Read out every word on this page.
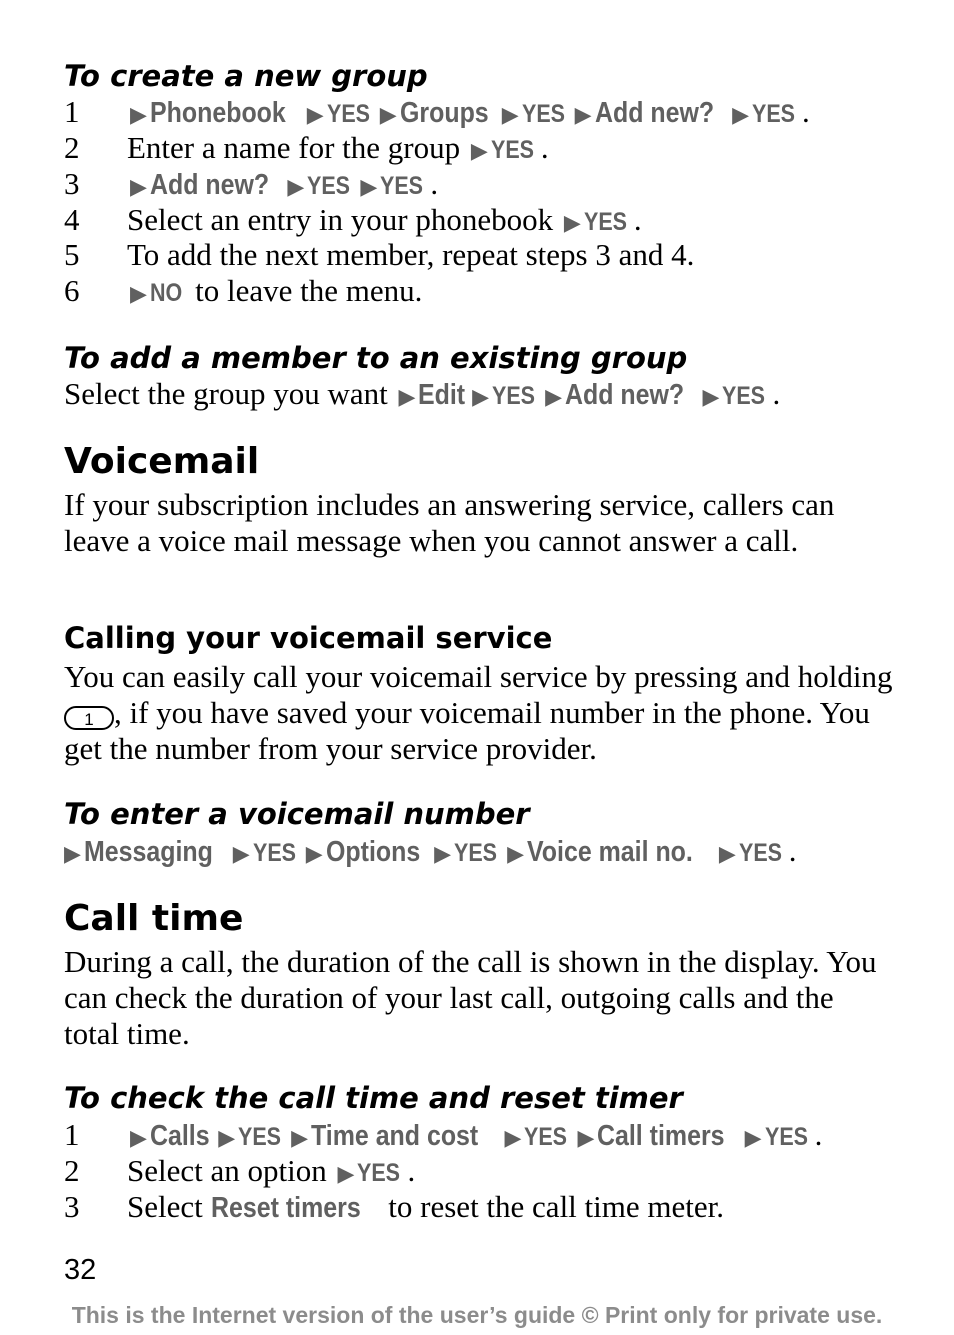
To create a new group
1 ▶ Phonebook ▶ YES ▶ Groups ▶ YES ▶ Add new? ▶ YES .
2 Enter a name for the group ▶ YES .
3 ▶ Add new? ▶ YES ▶ YES .
4 Select an entry in your phonebook ▶ YES .
5 To add the next member, repeat steps 3 and 4.
6 ▶ NO to leave the menu.
To add a member to an existing group
Select the group you want ▶ Edit ▶ YES ▶ Add new? ▶ YES .
Voicemail

If your subscription includes an answering service, callers can leave a voice mail message when you cannot answer a call.

Calling your voicemail service

You can easily call your voicemail service by pressing and holding 1 , if you have saved your voicemail number in the phone. You get the number from your service provider.

To enter a voicemail number
▶ Messaging ▶ YES ▶ Options ▶ YES ▶ Voice mail no. ▶ YES .
Call time

During a call, the duration of the call is shown in the display. You can check the duration of your last call, outgoing calls and the total time.

To check the call time and reset timer
1 ▶ Calls ▶ YES ▶ Time and cost ▶ YES ▶ Call timers ▶ YES .
2 Select an option ▶ YES .
3 Select Reset timers to reset the call time meter.
32
This is the Internet version of the user’s guide © Print only for private use.
